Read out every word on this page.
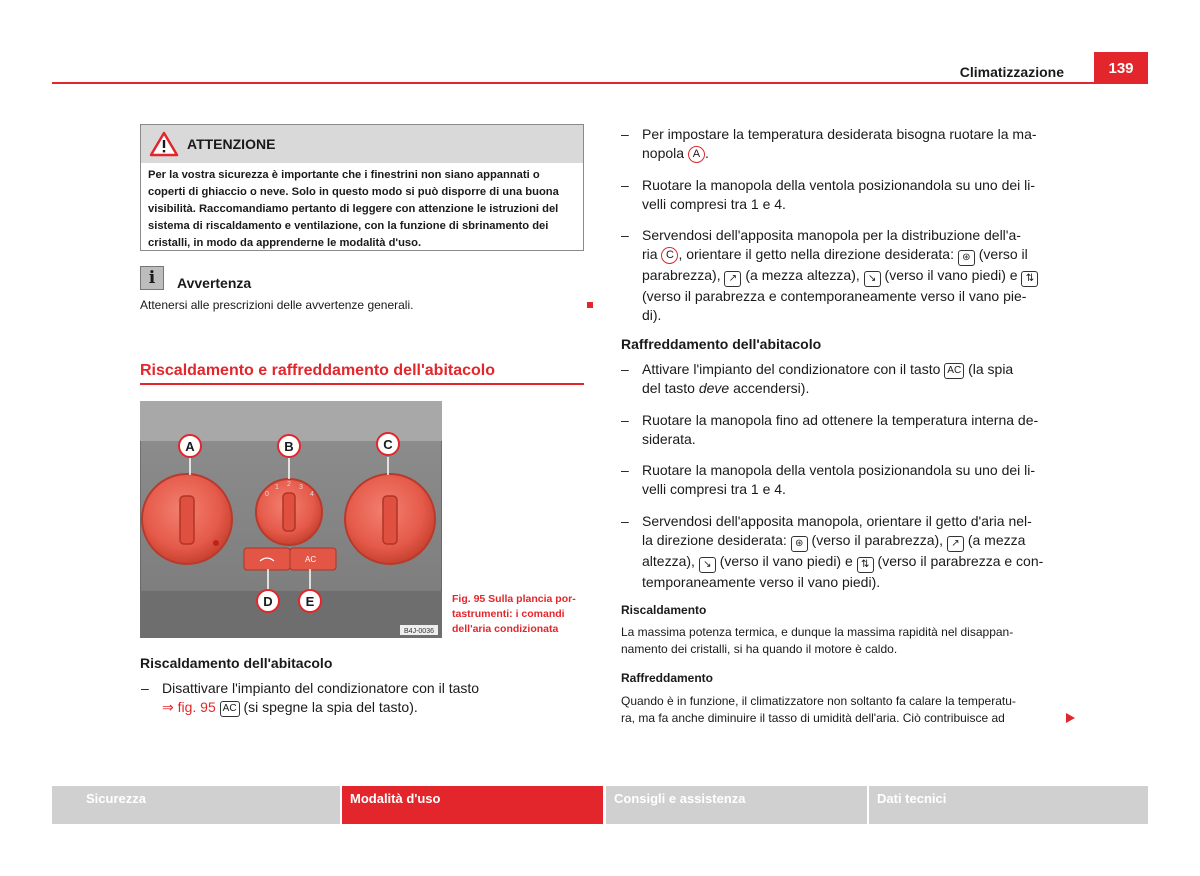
Climatizzazione	139
ATTENZIONE
Per la vostra sicurezza è importante che i finestrini non siano appannati o coperti di ghiaccio o neve. Solo in questo modo si può disporre di una buona visibilità. Raccomandiamo pertanto di leggere con attenzione le istruzioni del sistema di riscaldamento e ventilazione, con la funzione di sbrinamento dei cristalli, in modo da apprenderne le modalità d'uso.
i	Avvertenza
Attenersi alle prescrizioni delle avvertenze generali.
Riscaldamento e raffreddamento dell'abitacolo
0
1 2 3
4
AC
A	B	C
D	E
B4J-0036
Fig. 95 Sulla plancia por-
tastrumenti: i comandi
dell'aria condizionata
Riscaldamento dell'abitacolo
– Disattivare l'impianto del condizionatore con il tasto
⇒ fig. 95 AC (si spegne la spia del tasto).
– Per impostare la temperatura desiderata bisogna ruotare la ma-
nopola A .
– Ruotare la manopola della ventola posizionandola su uno dei li-
velli compresi tra 1 e 4.
– Servendosi dell'apposita manopola per la distribuzione dell'a-
ria C , orientare il getto nella direzione desiderata: ⊛ (verso il
parabrezza), ↗ (a mezza altezza), ↘ (verso il vano piedi) e ⇅
(verso il parabrezza e contemporaneamente verso il vano pie-
di).
Raffreddamento dell'abitacolo
– Attivare l'impianto del condizionatore con il tasto AC (la spia
del tasto deve accendersi).
– Ruotare la manopola fino ad ottenere la temperatura interna de-
siderata.
– Ruotare la manopola della ventola posizionandola su uno dei li-
velli compresi tra 1 e 4.
– Servendosi dell'apposita manopola, orientare il getto d'aria nel-
la direzione desiderata: ⊛ (verso il parabrezza), ↗ (a mezza
altezza), ↘ (verso il vano piedi) e ⇅ (verso il parabrezza e con-
temporaneamente verso il vano piedi).
Riscaldamento
La massima potenza termica, e dunque la massima rapidità nel disappan-
namento dei cristalli, si ha quando il motore è caldo.
Raffreddamento
Quando è in funzione, il climatizzatore non soltanto fa calare la temperatu-
ra, ma fa anche diminuire il tasso di umidità dell'aria. Ciò contribuisce ad
Sicurezza	Modalità d'uso	Consigli e assistenza	Dati tecnici
